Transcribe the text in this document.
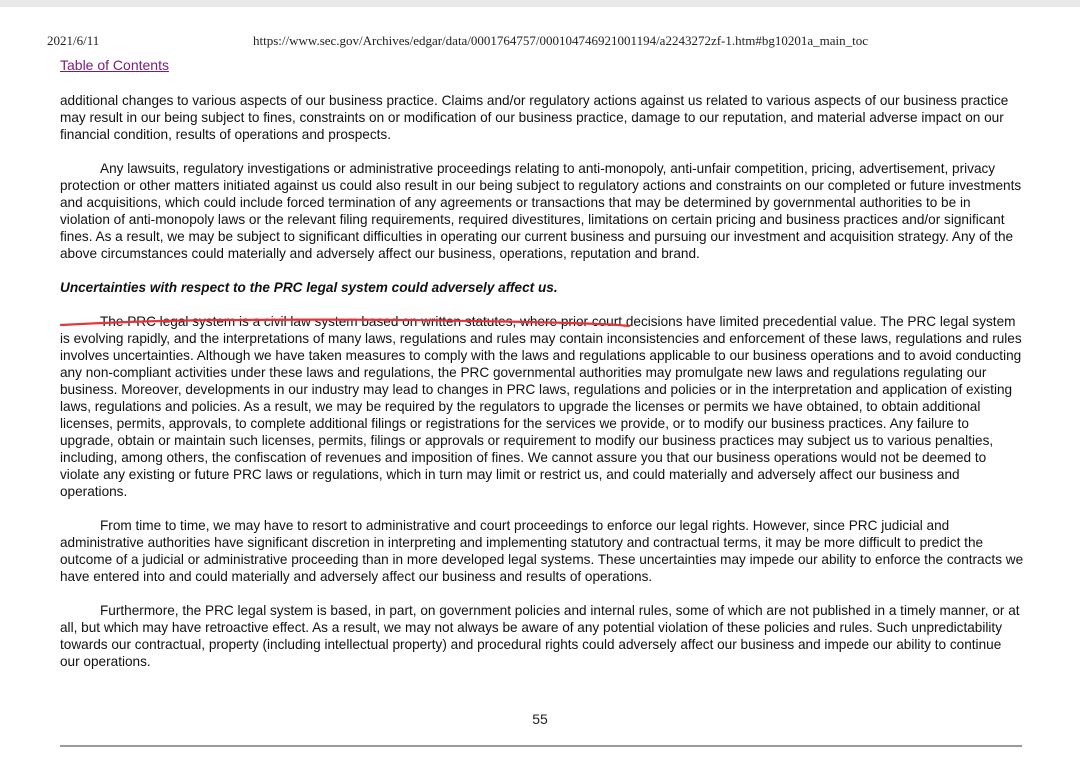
2021/6/11	https://www.sec.gov/Archives/edgar/data/0001764757/000104746921001194/a2243272zf-1.htm#bg10201a_main_toc
Table of Contents

additional changes to various aspects of our business practice. Claims and/or regulatory actions against us related to various aspects of our business practice may result in our being subject to fines, constraints on or modification of our business practice, damage to our reputation, and material adverse impact on our financial condition, results of operations and prospects.

Any lawsuits, regulatory investigations or administrative proceedings relating to anti-monopoly, anti-unfair competition, pricing, advertisement, privacy protection or other matters initiated against us could also result in our being subject to regulatory actions and constraints on our completed or future investments and acquisitions, which could include forced termination of any agreements or transactions that may be determined by governmental authorities to be in violation of anti-monopoly laws or the relevant filing requirements, required divestitures, limitations on certain pricing and business practices and/or significant fines. As a result, we may be subject to significant difficulties in operating our current business and pursuing our investment and acquisition strategy. Any of the above circumstances could materially and adversely affect our business, operations, reputation and brand.

Uncertainties with respect to the PRC legal system could adversely affect us.

The PRC legal system is a civil law system based on written statutes, where prior court decisions have limited precedential value. The PRC legal system is evolving rapidly, and the interpretations of many laws, regulations and rules may contain inconsistencies and enforcement of these laws, regulations and rules involves uncertainties. Although we have taken measures to comply with the laws and regulations applicable to our business operations and to avoid conducting any non-compliant activities under these laws and regulations, the PRC governmental authorities may promulgate new laws and regulations regulating our business. Moreover, developments in our industry may lead to changes in PRC laws, regulations and policies or in the interpretation and application of existing laws, regulations and policies. As a result, we may be required by the regulators to upgrade the licenses or permits we have obtained, to obtain additional licenses, permits, approvals, to complete additional filings or registrations for the services we provide, or to modify our business practices. Any failure to upgrade, obtain or maintain such licenses, permits, filings or approvals or requirement to modify our business practices may subject us to various penalties, including, among others, the confiscation of revenues and imposition of fines. We cannot assure you that our business operations would not be deemed to violate any existing or future PRC laws or regulations, which in turn may limit or restrict us, and could materially and adversely affect our business and operations.

From time to time, we may have to resort to administrative and court proceedings to enforce our legal rights. However, since PRC judicial and administrative authorities have significant discretion in interpreting and implementing statutory and contractual terms, it may be more difficult to predict the outcome of a judicial or administrative proceeding than in more developed legal systems. These uncertainties may impede our ability to enforce the contracts we have entered into and could materially and adversely affect our business and results of operations.

Furthermore, the PRC legal system is based, in part, on government policies and internal rules, some of which are not published in a timely manner, or at all, but which may have retroactive effect. As a result, we may not always be aware of any potential violation of these policies and rules. Such unpredictability towards our contractual, property (including intellectual property) and procedural rights could adversely affect our business and impede our ability to continue our operations.

55
